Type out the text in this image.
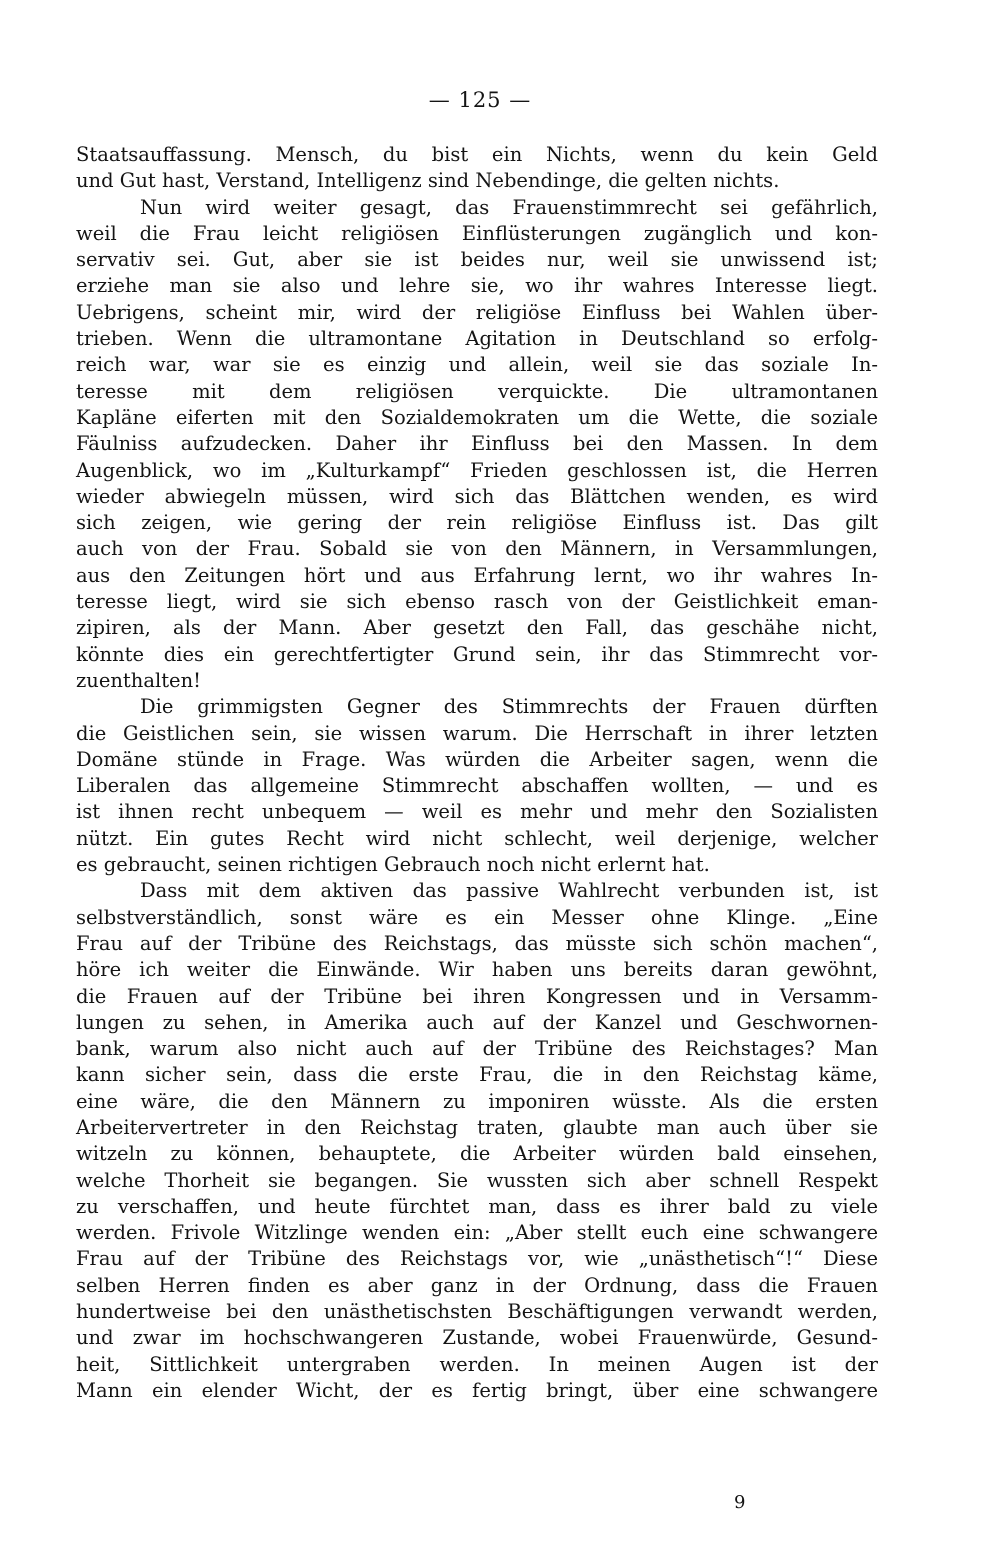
— 125 —
Staatsauffassung. Mensch, du bist ein Nichts, wenn du kein Geld
und Gut hast, Verstand, Intelligenz sind Nebendinge, die gelten nichts.
Nun wird weiter gesagt, das Frauenstimmrecht sei gefährlich,
weil die Frau leicht religiösen Einflüsterungen zugänglich und kon-
servativ sei. Gut, aber sie ist beides nur, weil sie unwissend ist;
erziehe man sie also und lehre sie, wo ihr wahres Interesse liegt.
Uebrigens, scheint mir, wird der religiöse Einfluss bei Wahlen über-
trieben. Wenn die ultramontane Agitation in Deutschland so erfolg-
reich war, war sie es einzig und allein, weil sie das soziale In-
teresse mit dem religiösen verquickte. Die ultramontanen
Kapläne eiferten mit den Sozialdemokraten um die Wette, die soziale
Fäulniss aufzudecken. Daher ihr Einfluss bei den Massen. In dem
Augenblick, wo im „Kulturkampf“ Frieden geschlossen ist, die Herren
wieder abwiegeln müssen, wird sich das Blättchen wenden, es wird
sich zeigen, wie gering der rein religiöse Einfluss ist. Das gilt
auch von der Frau. Sobald sie von den Männern, in Versammlungen,
aus den Zeitungen hört und aus Erfahrung lernt, wo ihr wahres In-
teresse liegt, wird sie sich ebenso rasch von der Geistlichkeit eman-
zipiren, als der Mann. Aber gesetzt den Fall, das geschähe nicht,
könnte dies ein gerechtfertigter Grund sein, ihr das Stimmrecht vor-
zuenthalten!
Die grimmigsten Gegner des Stimmrechts der Frauen dürften
die Geistlichen sein, sie wissen warum. Die Herrschaft in ihrer letzten
Domäne stünde in Frage. Was würden die Arbeiter sagen, wenn die
Liberalen das allgemeine Stimmrecht abschaffen wollten, — und es
ist ihnen recht unbequem — weil es mehr und mehr den Sozialisten
nützt. Ein gutes Recht wird nicht schlecht, weil derjenige, welcher
es gebraucht, seinen richtigen Gebrauch noch nicht erlernt hat.
Dass mit dem aktiven das passive Wahlrecht verbunden ist, ist
selbstverständlich, sonst wäre es ein Messer ohne Klinge. „Eine
Frau auf der Tribüne des Reichstags, das müsste sich schön machen“,
höre ich weiter die Einwände. Wir haben uns bereits daran gewöhnt,
die Frauen auf der Tribüne bei ihren Kongressen und in Versamm-
lungen zu sehen, in Amerika auch auf der Kanzel und Geschwornen-
bank, warum also nicht auch auf der Tribüne des Reichstages? Man
kann sicher sein, dass die erste Frau, die in den Reichstag käme,
eine wäre, die den Männern zu imponiren wüsste. Als die ersten
Arbeitervertreter in den Reichstag traten, glaubte man auch über sie
witzeln zu können, behauptete, die Arbeiter würden bald einsehen,
welche Thorheit sie begangen. Sie wussten sich aber schnell Respekt
zu verschaffen, und heute fürchtet man, dass es ihrer bald zu viele
werden. Frivole Witzlinge wenden ein: „Aber stellt euch eine schwangere
Frau auf der Tribüne des Reichstags vor, wie „unästhetisch“!“ Diese
selben Herren finden es aber ganz in der Ordnung, dass die Frauen
hundertweise bei den unästhetischsten Beschäftigungen verwandt werden,
und zwar im hochschwangeren Zustande, wobei Frauenwürde, Gesund-
heit, Sittlichkeit untergraben werden. In meinen Augen ist der
Mann ein elender Wicht, der es fertig bringt, über eine schwangere
9
